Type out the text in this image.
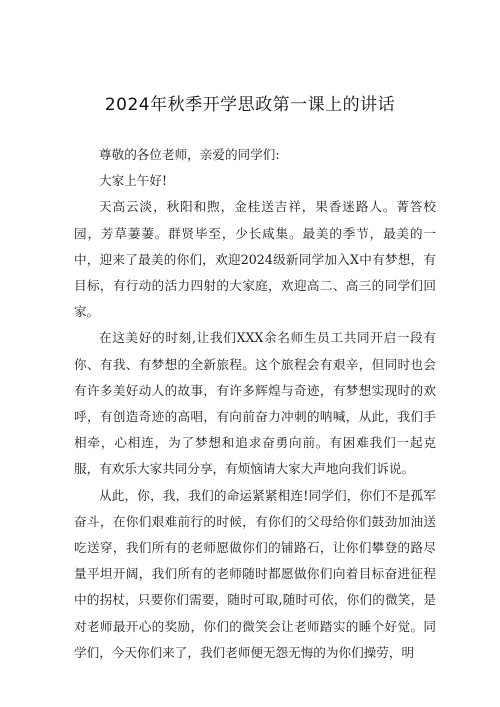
2024年秋季开学思政第一课上的讲话

尊敬的各位老师，亲爱的同学们:

大家上午好!

天高云淡，秋阳和煦，金桂送吉祥，果香迷路人。菁答校园，芳草萋萋。群贤毕至，少长咸集。最美的季节，最美的一中，迎来了最美的你们，欢迎2024级新同学加入X中有梦想，有目标，有行动的活力四射的大家庭，欢迎高二、高三的同学们回家。

在这美好的时刻,让我们XXX余名师生员工共同开启一段有你、有我、有梦想的全新旅程。这个旅程会有艰辛，但同时也会有许多美好动人的故事，有许多辉煌与奇迹，有梦想实现时的欢呼，有创造奇迹的高唱，有向前奋力冲刺的呐喊，从此，我们手相牵，心相连，为了梦想和追求奋勇向前。有困难我们一起克服，有欢乐大家共同分享，有烦恼请大家大声地向我们诉说。

从此，你，我，我们的命运紧紧相连!同学们，你们不是孤军奋斗，在你们艰难前行的时候，有你们的父母给你们鼓劲加油送吃送穿，我们所有的老师愿做你们的铺路石，让你们攀登的路尽量平坦开阔，我们所有的老师随时都愿做你们向着目标奋进征程中的拐杖，只要你们需要，随时可取,随时可依，你们的微笑，是对老师最开心的奖励，你们的微笑会让老师踏实的睡个好觉。同学们，今天你们来了，我们老师便无怨无悔的为你们操劳，明
